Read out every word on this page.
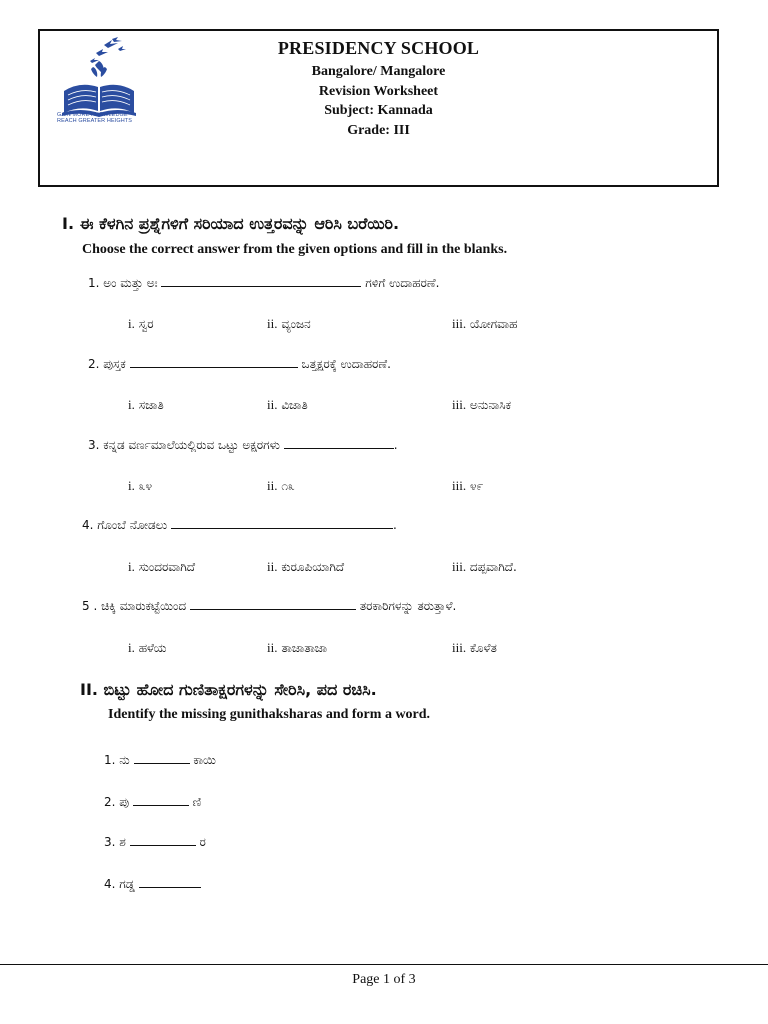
GAIN MORE KNOWLEDGE
REACH GREATER HEIGHTS
PRESIDENCY SCHOOL
Bangalore/ Mangalore
Revision Worksheet
Subject: Kannada
Grade: III
I. ಈ ಕೆಳಗಿನ ಪ್ರಶ್ನೆಗಳಿಗೆ ಸರಿಯಾದ ಉತ್ತರವನ್ನು ಆರಿಸಿ ಬರೆಯಿರಿ.
Choose the correct answer from the given options and fill in the blanks.
1. ಅಂ ಮತ್ತು ಅಃ	ಗಳಿಗೆ ಉದಾಹರಣೆ.
i. ಸ್ವರ	ii. ವ್ಯಂಜನ	iii. ಯೋಗವಾಹ
2. ಪುಸ್ತಕ	ಒತ್ತಕ್ಷರಕ್ಕೆ ಉದಾಹರಣೆ.
i. ಸಜಾತಿ	ii. ವಿಜಾತಿ	iii. ಅನುನಾಸಿಕ
3. ಕನ್ನಡ ವರ್ಣಮಾಲೆಯಲ್ಲಿರುವ ಒಟ್ಟು ಅಕ್ಷರಗಳು	.
i. ೩೪	ii. ೧೩	iii. ೪೯
4. ಗೊಂಬೆ ನೋಡಲು	.
i. ಸುಂದರವಾಗಿದೆ	ii. ಕುರೂಪಿಯಾಗಿದೆ	iii. ದಪ್ಪವಾಗಿದೆ.
5 . ಚಿಕ್ಕಿ ಮಾರುಕಟ್ಟೆಯಿಂದ	ತರಕಾರಿಗಳನ್ನು ತರುತ್ತಾಳೆ.
i. ಹಳೆಯ	ii. ತಾಜಾತಾಜಾ	iii. ಕೊಳೆತ
II. ಬಿಟ್ಟು ಹೋದ ಗುಣಿತಾಕ್ಷರಗಳನ್ನು ಸೇರಿಸಿ, ಪದ ರಚಿಸಿ.
Identify the missing gunithaksharas and form a word.
1. ನು	ಕಾಯಿ
2. ಪು	ಣಿ
3. ಶ	ರ
4. ಗಡ್ಡ
Page 1 of 3
